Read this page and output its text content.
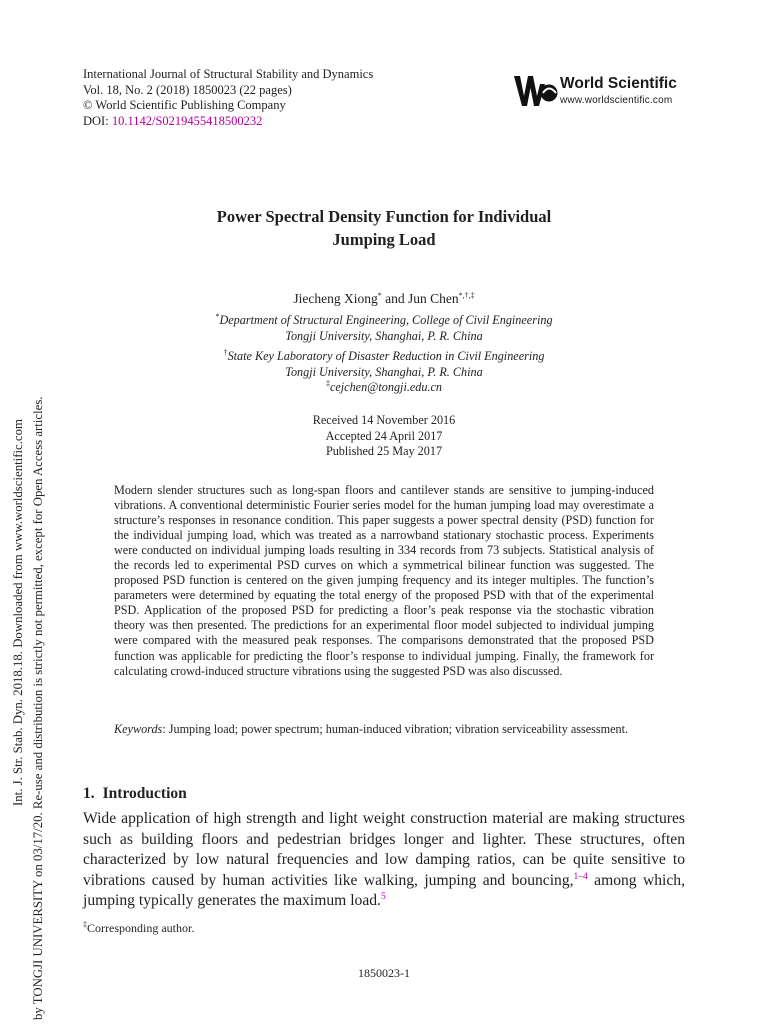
International Journal of Structural Stability and Dynamics
Vol. 18, No. 2 (2018) 1850023 (22 pages)
© World Scientific Publishing Company
DOI: 10.1142/S0219455418500232
World Scientific
www.worldscientific.com
Int. J. Str. Stab. Dyn. 2018.18. Downloaded from www.worldscientific.com by TONGJI UNIVERSITY on 03/17/20. Re-use and distribution is strictly not permitted, except for Open Access articles.
Power Spectral Density Function for Individual
Jumping Load
Jiecheng Xiong* and Jun Chen*,†,‡
*Department of Structural Engineering, College of Civil Engineering
Tongji University, Shanghai, P. R. China
†State Key Laboratory of Disaster Reduction in Civil Engineering
Tongji University, Shanghai, P. R. China
‡cejchen@tongji.edu.cn
Received 14 November 2016
Accepted 24 April 2017
Published 25 May 2017
Modern slender structures such as long-span floors and cantilever stands are sensitive to jumping-induced vibrations. A conventional deterministic Fourier series model for the human jumping load may overestimate a structure’s responses in resonance condition. This paper suggests a power spectral density (PSD) function for the individual jumping load, which was treated as a narrowband stationary stochastic process. Experiments were conducted on individual jumping loads resulting in 334 records from 73 subjects. Statistical analysis of the records led to experimental PSD curves on which a symmetrical bilinear function was suggested. The proposed PSD function is centered on the given jumping frequency and its integer multiples. The function’s parameters were determined by equating the total energy of the proposed PSD with that of the experimental PSD. Application of the proposed PSD for predicting a floor’s peak response via the stochastic vibration theory was then presented. The predictions for an experimental floor model subjected to individual jumping were compared with the measured peak responses. The comparisons demonstrated that the proposed PSD function was applicable for predicting the floor’s response to individual jumping. Finally, the framework for calculating crowd-induced structure vibrations using the suggested PSD was also discussed.
Keywords: Jumping load; power spectrum; human-induced vibration; vibration serviceability assessment.
1. Introduction
Wide application of high strength and light weight construction material are making structures such as building floors and pedestrian bridges longer and lighter. These structures, often characterized by low natural frequencies and low damping ratios, can be quite sensitive to vibrations caused by human activities like walking, jumping and bouncing,$^{1-4}$ among which, jumping typically generates the maximum load.$^5$
‡Corresponding author.
1850023-1
